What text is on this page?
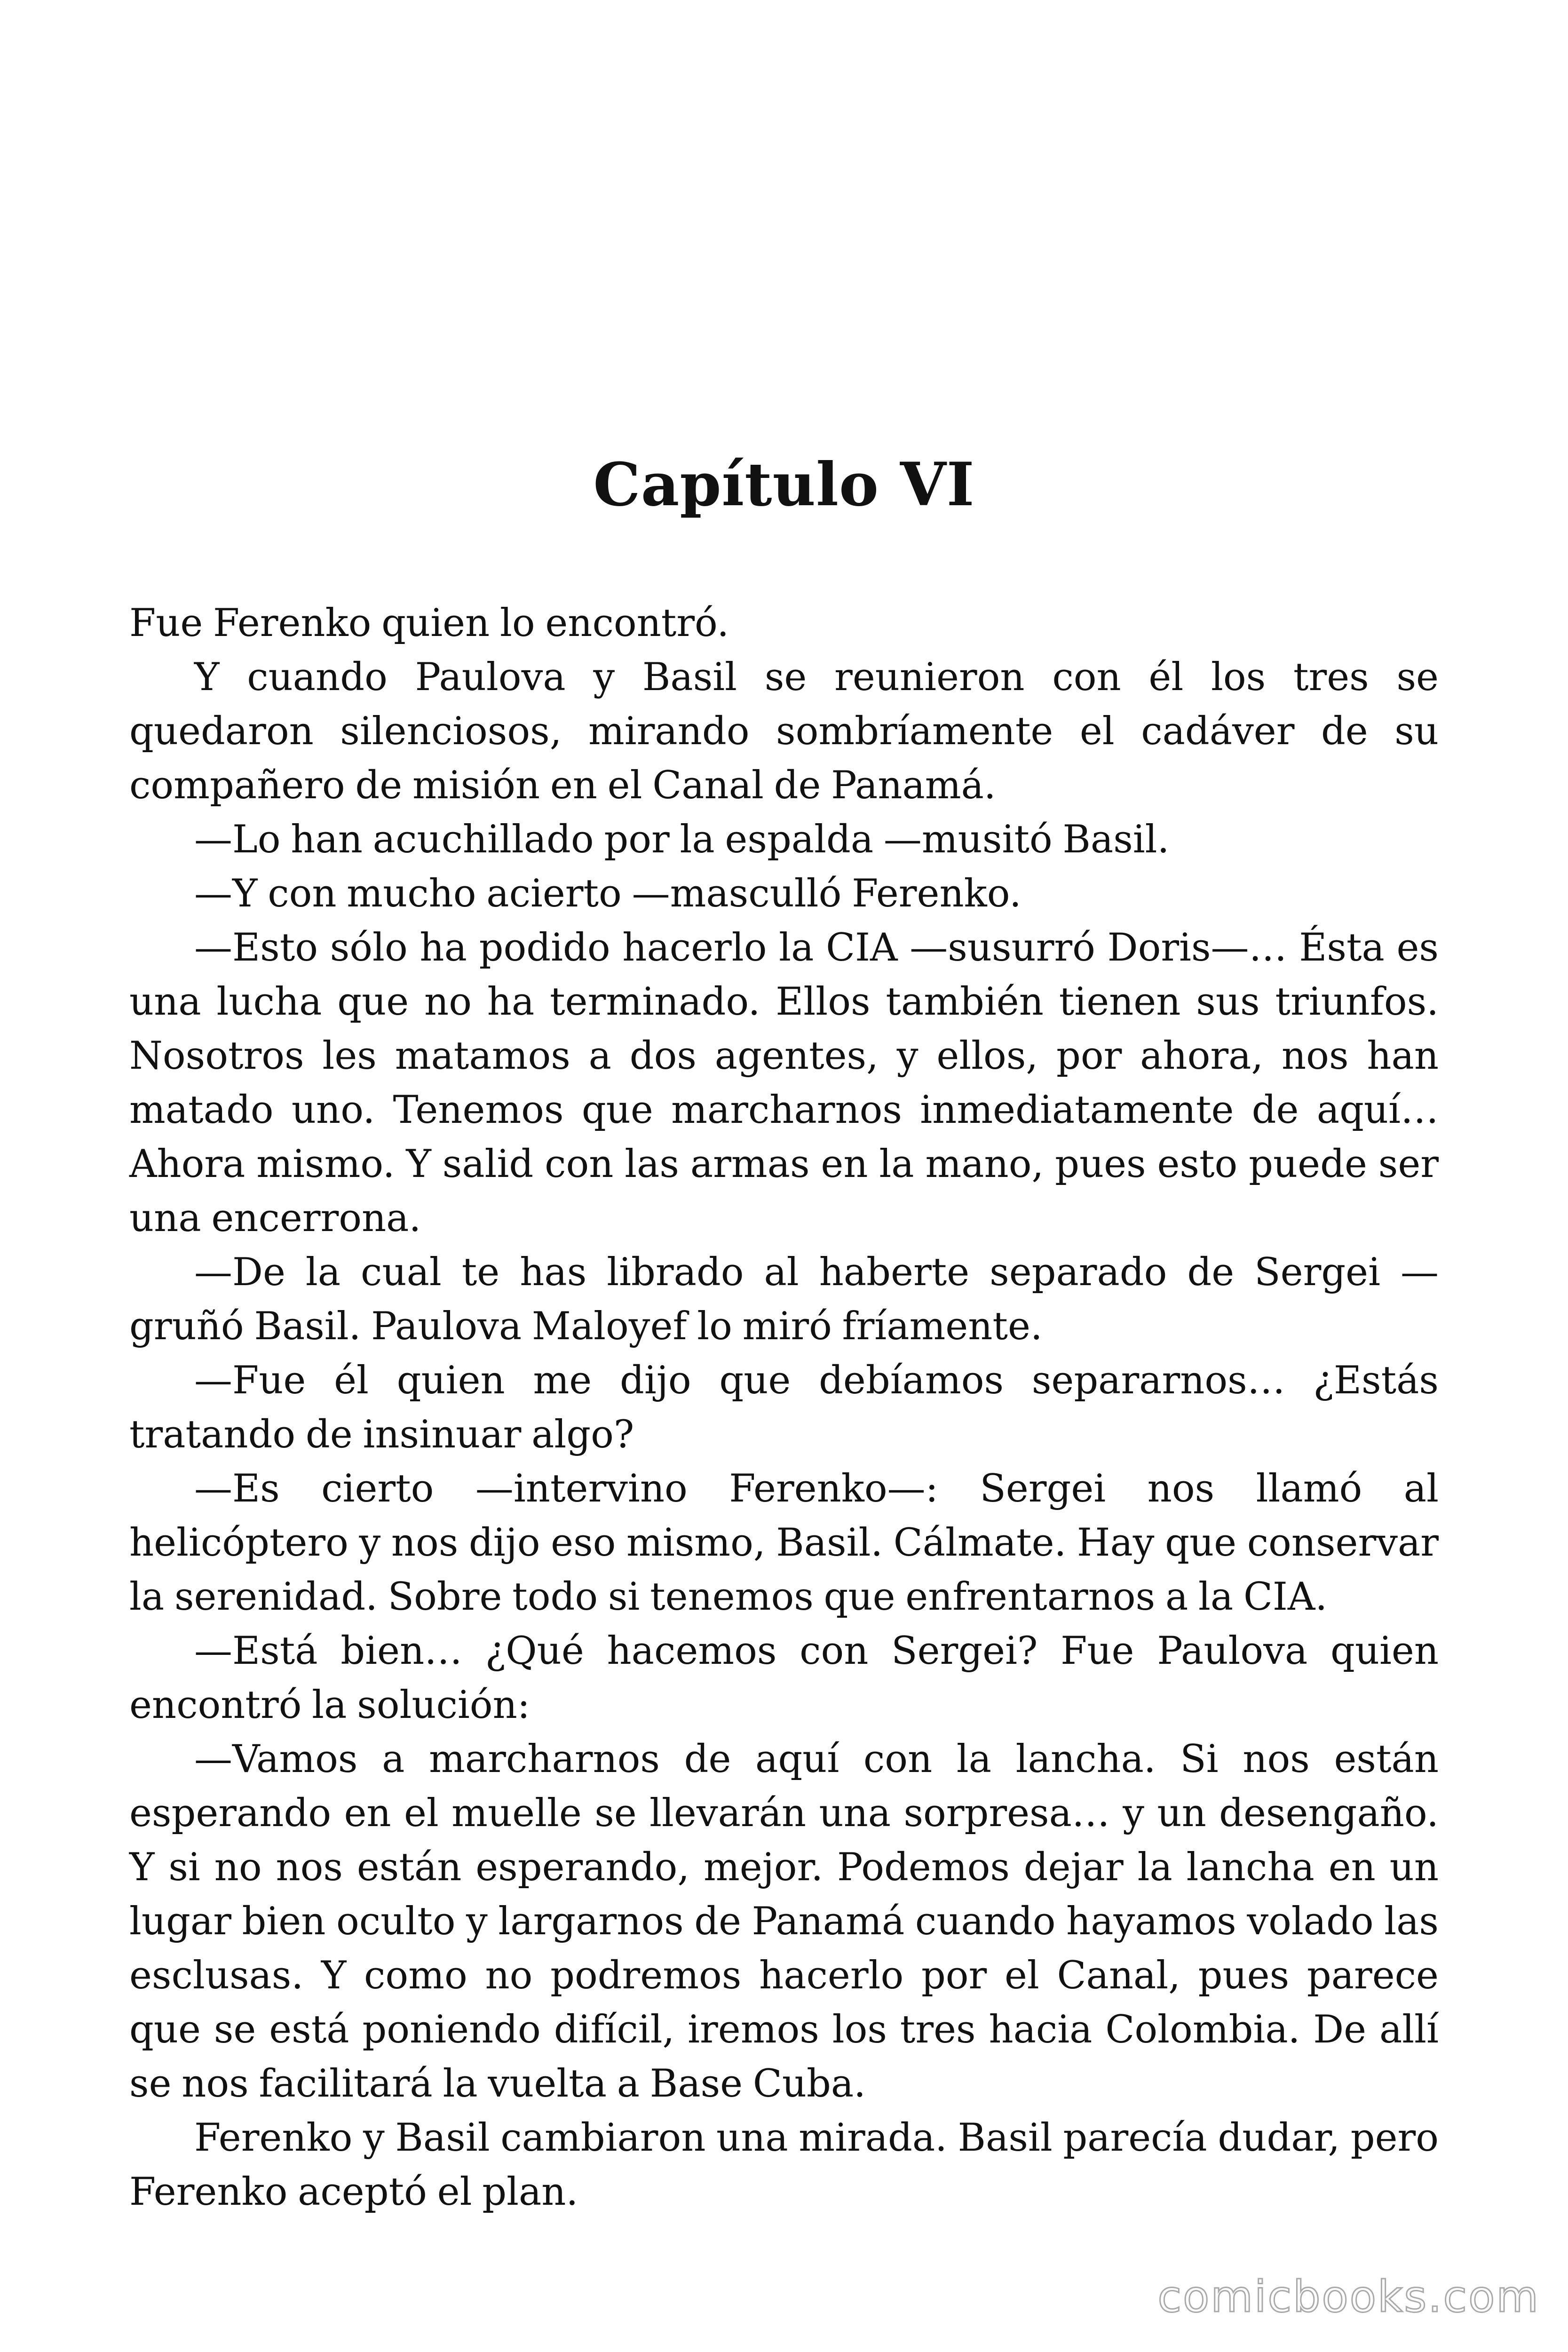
Capítulo VI

Fue Ferenko quien lo encontró.

Y cuando Paulova y Basil se reunieron con él los tres se quedaron silenciosos, mirando sombríamente el cadáver de su compañero de misión en el Canal de Panamá.

—Lo han acuchillado por la espalda —musitó Basil.

—Y con mucho acierto —masculló Ferenko.

—Esto sólo ha podido hacerlo la CIA —susurró Doris—… Ésta es una lucha que no ha terminado. Ellos también tienen sus triunfos. Nosotros les matamos a dos agentes, y ellos, por ahora, nos han matado uno. Tenemos que marcharnos inmediatamente de aquí… Ahora mismo. Y salid con las armas en la mano, pues esto puede ser una encerrona.

—De la cual te has librado al haberte separado de Sergei —gruñó Basil. Paulova Maloyef lo miró fríamente.

—Fue él quien me dijo que debíamos separarnos… ¿Estás tratando de insinuar algo?

—Es cierto —intervino Ferenko—: Sergei nos llamó al helicóptero y nos dijo eso mismo, Basil. Cálmate. Hay que conservar la serenidad. Sobre todo si tenemos que enfrentarnos a la CIA.

—Está bien… ¿Qué hacemos con Sergei? Fue Paulova quien encontró la solución:

—Vamos a marcharnos de aquí con la lancha. Si nos están esperando en el muelle se llevarán una sorpresa… y un desengaño. Y si no nos están esperando, mejor. Podemos dejar la lancha en un lugar bien oculto y largarnos de Panamá cuando hayamos volado las esclusas. Y como no podremos hacerlo por el Canal, pues parece que se está poniendo difícil, iremos los tres hacia Colombia. De allí se nos facilitará la vuelta a Base Cuba.

Ferenko y Basil cambiaron una mirada. Basil parecía dudar, pero Ferenko aceptó el plan.

comicbooks.com
